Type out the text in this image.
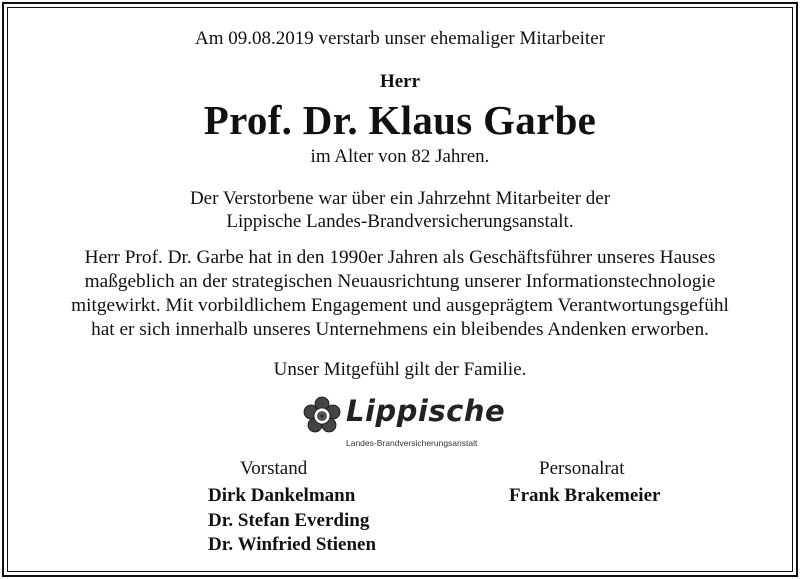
Am 09.08.2019 verstarb unser ehemaliger Mitarbeiter
Herr
Prof. Dr. Klaus Garbe
im Alter von 82 Jahren.
Der Verstorbene war über ein Jahrzehnt Mitarbeiter der
Lippische Landes-Brandversicherungsanstalt.
Herr Prof. Dr. Garbe hat in den 1990er Jahren als Geschäftsführer unseres Hauses
maßgeblich an der strategischen Neuausrichtung unserer Informationstechnologie
mitgewirkt. Mit vorbildlichem Engagement und ausgeprägtem Verantwortungsgefühl
hat er sich innerhalb unseres Unternehmens ein bleibendes Andenken erworben.
Unser Mitgefühl gilt der Familie.
Lippische
Landes-Brandversicherungsanstalt
Vorstand	Personalrat
Dirk Dankelmann
Dr. Stefan Everding
Dr. Winfried Stienen
Frank Brakemeier
